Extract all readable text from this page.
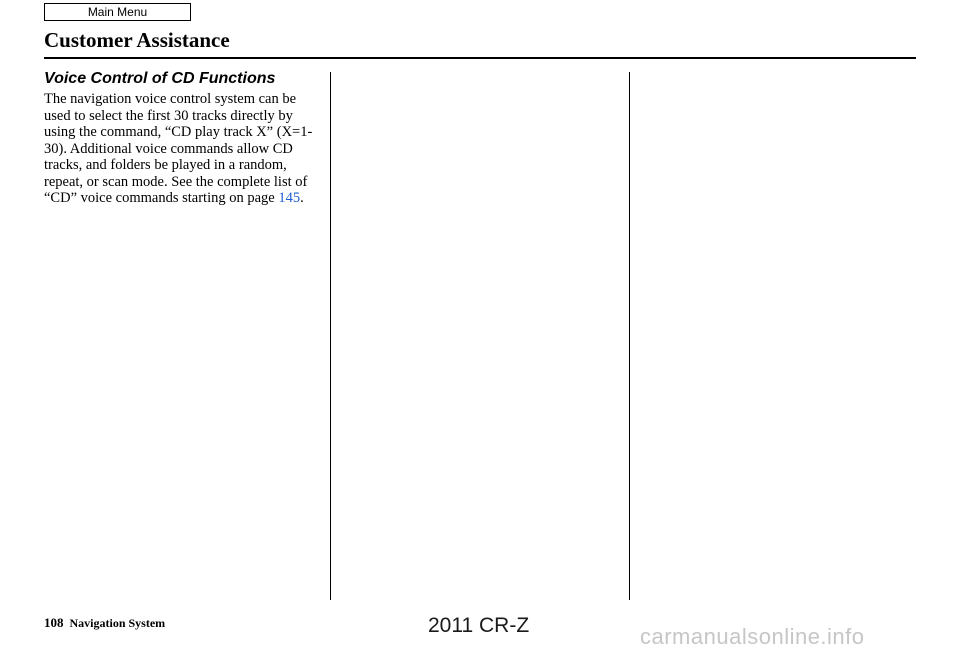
Main Menu
Customer Assistance
Voice Control of CD Functions

The navigation voice control system can be used to select the first 30 tracks directly by using the command, “CD play track X” (X=1-30). Additional voice commands allow CD tracks, and folders be played in a random, repeat, or scan mode. See the complete list of “CD” voice commands starting on page 145.

108 Navigation System	2011 CR-Z	carmanualsonline.info
